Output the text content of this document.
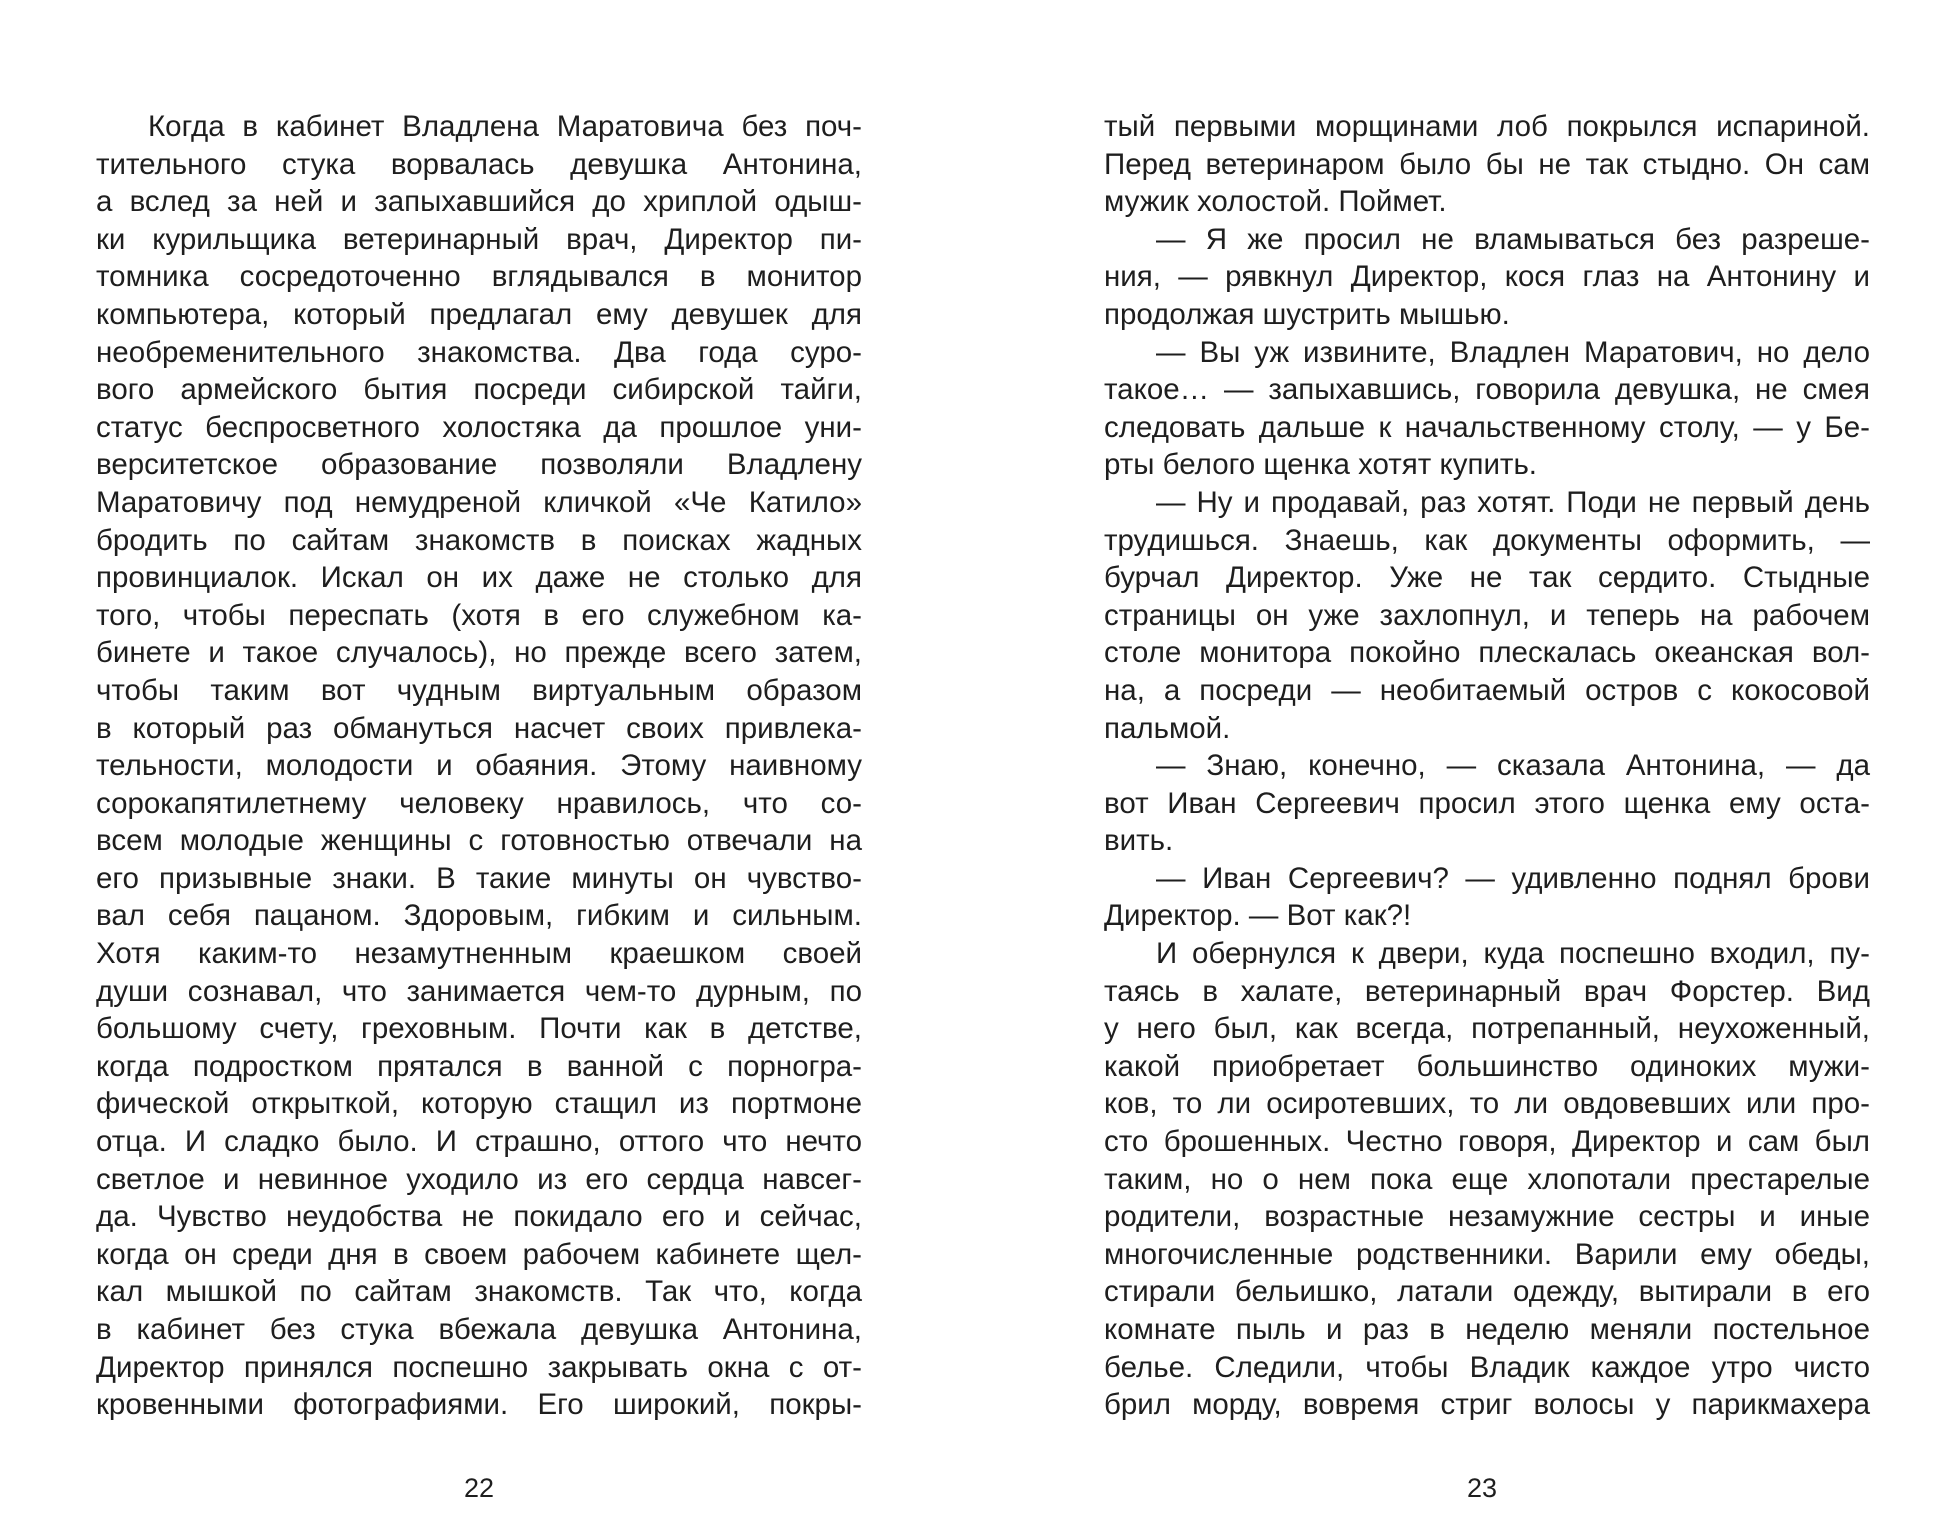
Когда в кабинет Владлена Маратовича без поч-
тительного стука ворвалась девушка Антонина,
а вслед за ней и запыхавшийся до хриплой одыш-
ки курильщика ветеринарный врач, Директор пи-
томника сосредоточенно вглядывался в монитор
компьютера, который предлагал ему девушек для
необременительного знакомства. Два года суро-
вого армейского бытия посреди сибирской тайги,
статус беспросветного холостяка да прошлое уни-
верситетское образование позволяли Владлену
Маратовичу под немудреной кличкой «Че Катило»
бродить по сайтам знакомств в поисках жадных
провинциалок. Искал он их даже не столько для
того, чтобы переспать (хотя в его служебном ка-
бинете и такое случалось), но прежде всего затем,
чтобы таким вот чудным виртуальным образом
в который раз обмануться насчет своих привлека-
тельности, молодости и обаяния. Этому наивному
сорокапятилетнему человеку нравилось, что со-
всем молодые женщины с готовностью отвечали на
его призывные знаки. В такие минуты он чувство-
вал себя пацаном. Здоровым, гибким и сильным.
Хотя каким-то незамутненным краешком своей
души сознавал, что занимается чем-то дурным, по
большому счету, греховным. Почти как в детстве,
когда подростком прятался в ванной с порногра-
фической открыткой, которую стащил из портмоне
отца. И сладко было. И страшно, оттого что нечто
светлое и невинное уходило из его сердца навсег-
да. Чувство неудобства не покидало его и сейчас,
когда он среди дня в своем рабочем кабинете щел-
кал мышкой по сайтам знакомств. Так что, когда
в кабинет без стука вбежала девушка Антонина,
Директор принялся поспешно закрывать окна с от-
кровенными фотографиями. Его широкий, покры-
тый первыми морщинами лоб покрылся испариной.
Перед ветеринаром было бы не так стыдно. Он сам
мужик холостой. Поймет.
— Я же просил не вламываться без разреше-
ния, — рявкнул Директор, кося глаз на Антонину и
продолжая шустрить мышью.
— Вы уж извините, Владлен Маратович, но дело
такое… — запыхавшись, говорила девушка, не смея
следовать дальше к начальственному столу, — у Бе-
рты белого щенка хотят купить.
— Ну и продавай, раз хотят. Поди не первый день
трудишься. Знаешь, как документы оформить, —
бурчал Директор. Уже не так сердито. Стыдные
страницы он уже захлопнул, и теперь на рабочем
столе монитора покойно плескалась океанская вол-
на, а посреди — необитаемый остров с кокосовой
пальмой.
— Знаю, конечно, — сказала Антонина, — да
вот Иван Сергеевич просил этого щенка ему оста-
вить.
— Иван Сергеевич? — удивленно поднял брови
Директор. — Вот как?!
И обернулся к двери, куда поспешно входил, пу-
таясь в халате, ветеринарный врач Форстер. Вид
у него был, как всегда, потрепанный, неухоженный,
какой приобретает большинство одиноких мужи-
ков, то ли осиротевших, то ли овдовевших или про-
сто брошенных. Честно говоря, Директор и сам был
таким, но о нем пока еще хлопотали престарелые
родители, возрастные незамужние сестры и иные
многочисленные родственники. Варили ему обеды,
стирали бельишко, латали одежду, вытирали в его
комнате пыль и раз в неделю меняли постельное
белье. Следили, чтобы Владик каждое утро чисто
брил морду, вовремя стриг волосы у парикмахера
22	23
